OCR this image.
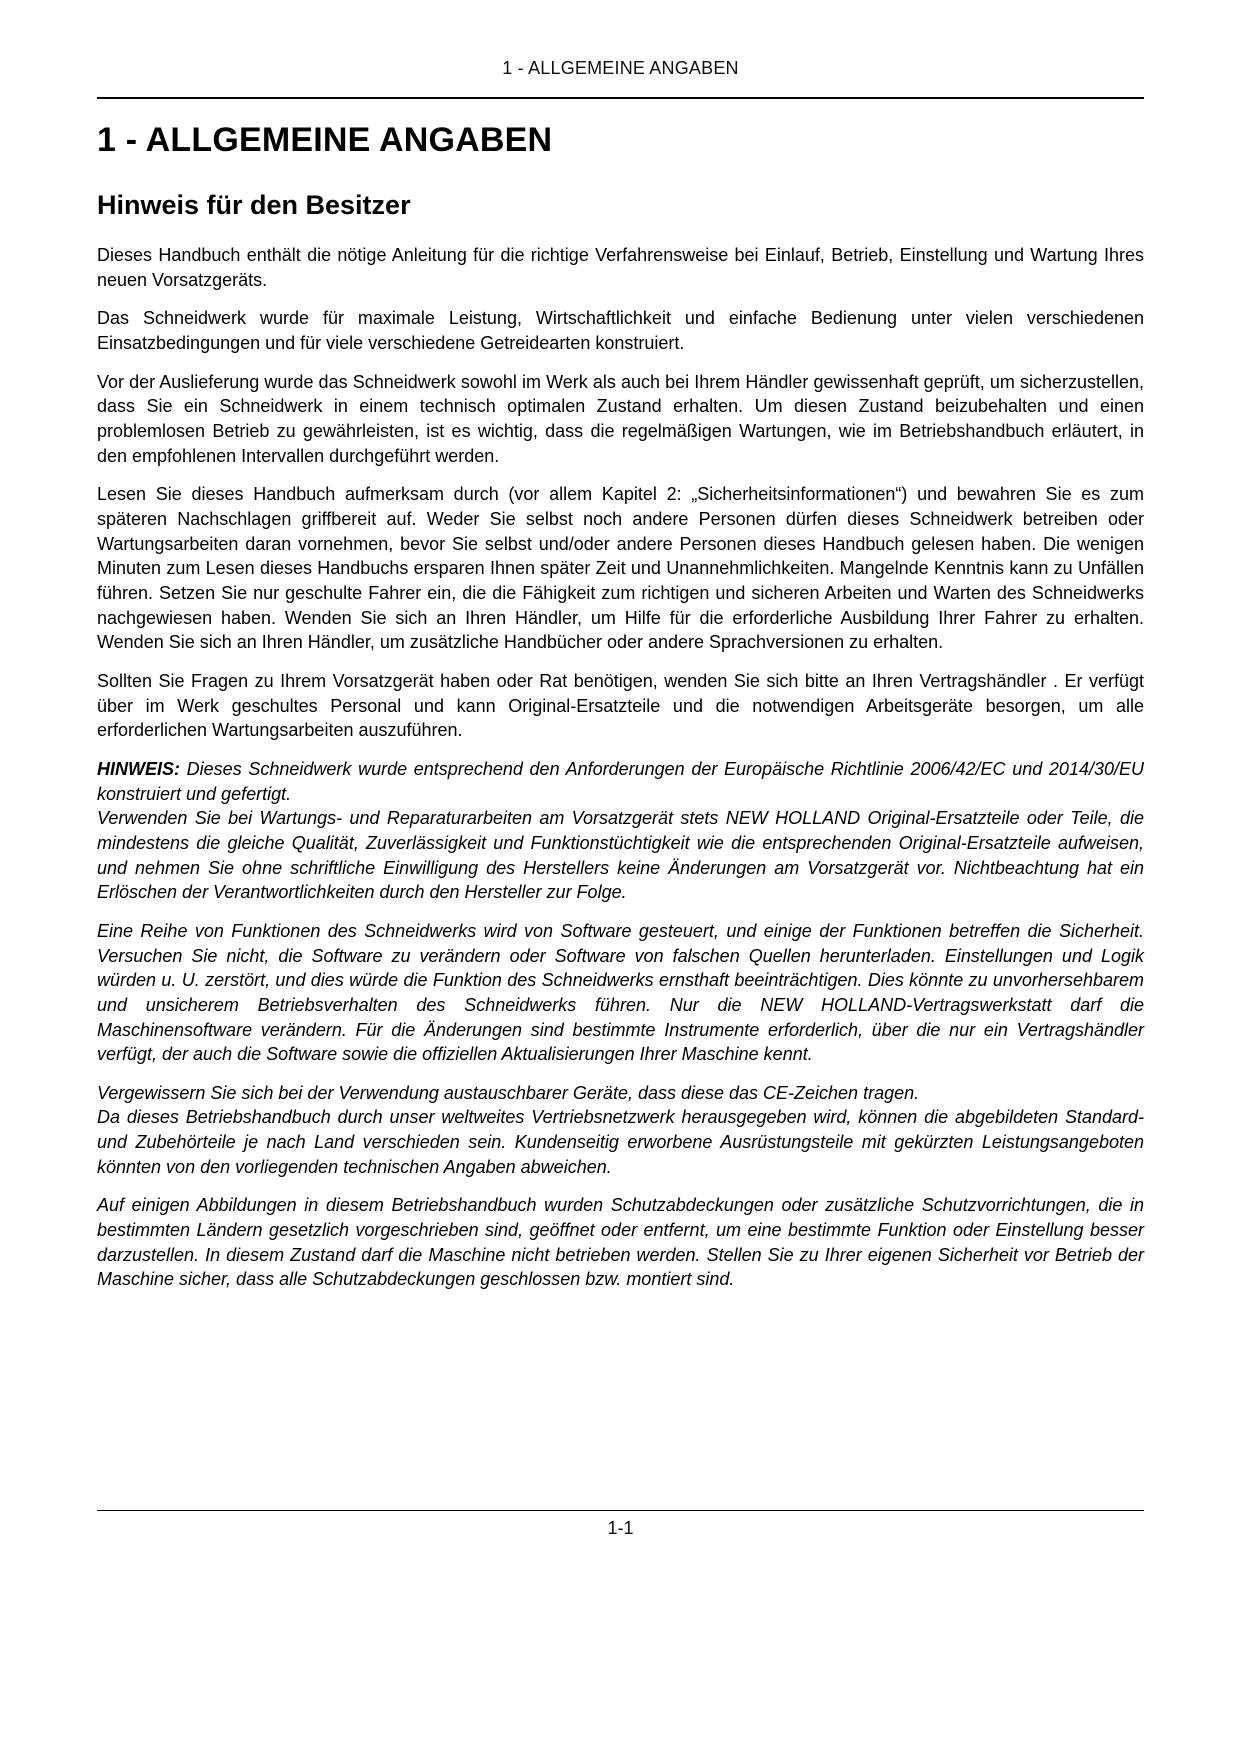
1 - ALLGEMEINE ANGABEN
1 - ALLGEMEINE ANGABEN
Hinweis für den Besitzer
Dieses Handbuch enthält die nötige Anleitung für die richtige Verfahrensweise bei Einlauf, Betrieb, Einstellung und Wartung Ihres neuen Vorsatzgeräts.
Das Schneidwerk wurde für maximale Leistung, Wirtschaftlichkeit und einfache Bedienung unter vielen verschiedenen Einsatzbedingungen und für viele verschiedene Getreidearten konstruiert.
Vor der Auslieferung wurde das Schneidwerk sowohl im Werk als auch bei Ihrem Händler gewissenhaft geprüft, um sicherzustellen, dass Sie ein Schneidwerk in einem technisch optimalen Zustand erhalten. Um diesen Zustand beizubehalten und einen problemlosen Betrieb zu gewährleisten, ist es wichtig, dass die regelmäßigen Wartungen, wie im Betriebshandbuch erläutert, in den empfohlenen Intervallen durchgeführt werden.
Lesen Sie dieses Handbuch aufmerksam durch (vor allem Kapitel 2: „Sicherheitsinformationen“) und bewahren Sie es zum späteren Nachschlagen griffbereit auf. Weder Sie selbst noch andere Personen dürfen dieses Schneidwerk betreiben oder Wartungsarbeiten daran vornehmen, bevor Sie selbst und/oder andere Personen dieses Handbuch gelesen haben. Die wenigen Minuten zum Lesen dieses Handbuchs ersparen Ihnen später Zeit und Unannehmlichkeiten. Mangelnde Kenntnis kann zu Unfällen führen. Setzen Sie nur geschulte Fahrer ein, die die Fähigkeit zum richtigen und sicheren Arbeiten und Warten des Schneidwerks nachgewiesen haben. Wenden Sie sich an Ihren Händler, um Hilfe für die erforderliche Ausbildung Ihrer Fahrer zu erhalten. Wenden Sie sich an Ihren Händler, um zusätzliche Handbücher oder andere Sprachversionen zu erhalten.
Sollten Sie Fragen zu Ihrem Vorsatzgerät haben oder Rat benötigen, wenden Sie sich bitte an Ihren Vertragshändler . Er verfügt über im Werk geschultes Personal und kann Original-Ersatzteile und die notwendigen Arbeitsgeräte besorgen, um alle erforderlichen Wartungsarbeiten auszuführen.
HINWEIS: Dieses Schneidwerk wurde entsprechend den Anforderungen der Europäische Richtlinie 2006/42/EC und 2014/30/EU konstruiert und gefertigt.
Verwenden Sie bei Wartungs- und Reparaturarbeiten am Vorsatzgerät stets NEW HOLLAND Original-Ersatzteile oder Teile, die mindestens die gleiche Qualität, Zuverlässigkeit und Funktionstüchtigkeit wie die entsprechenden Original-Ersatzteile aufweisen, und nehmen Sie ohne schriftliche Einwilligung des Herstellers keine Änderungen am Vorsatzgerät vor. Nichtbeachtung hat ein Erlöschen der Verantwortlichkeiten durch den Hersteller zur Folge.
Eine Reihe von Funktionen des Schneidwerks wird von Software gesteuert, und einige der Funktionen betreffen die Sicherheit. Versuchen Sie nicht, die Software zu verändern oder Software von falschen Quellen herunterladen. Einstellungen und Logik würden u. U. zerstört, und dies würde die Funktion des Schneidwerks ernsthaft beeinträchtigen. Dies könnte zu unvorhersehbarem und unsicherem Betriebsverhalten des Schneidwerks führen. Nur die NEW HOLLAND-Vertragswerkstatt darf die Maschinensoftware verändern. Für die Änderungen sind bestimmte Instrumente erforderlich, über die nur ein Vertragshändler verfügt, der auch die Software sowie die offiziellen Aktualisierungen Ihrer Maschine kennt.
Vergewissern Sie sich bei der Verwendung austauschbarer Geräte, dass diese das CE-Zeichen tragen.
Da dieses Betriebshandbuch durch unser weltweites Vertriebsnetzwerk herausgegeben wird, können die abgebildeten Standard- und Zubehörteile je nach Land verschieden sein. Kundenseitig erworbene Ausrüstungsteile mit gekürzten Leistungsangeboten könnten von den vorliegenden technischen Angaben abweichen.
Auf einigen Abbildungen in diesem Betriebshandbuch wurden Schutzabdeckungen oder zusätzliche Schutzvorrichtungen, die in bestimmten Ländern gesetzlich vorgeschrieben sind, geöffnet oder entfernt, um eine bestimmte Funktion oder Einstellung besser darzustellen. In diesem Zustand darf die Maschine nicht betrieben werden. Stellen Sie zu Ihrer eigenen Sicherheit vor Betrieb der Maschine sicher, dass alle Schutzabdeckungen geschlossen bzw. montiert sind.
1-1
